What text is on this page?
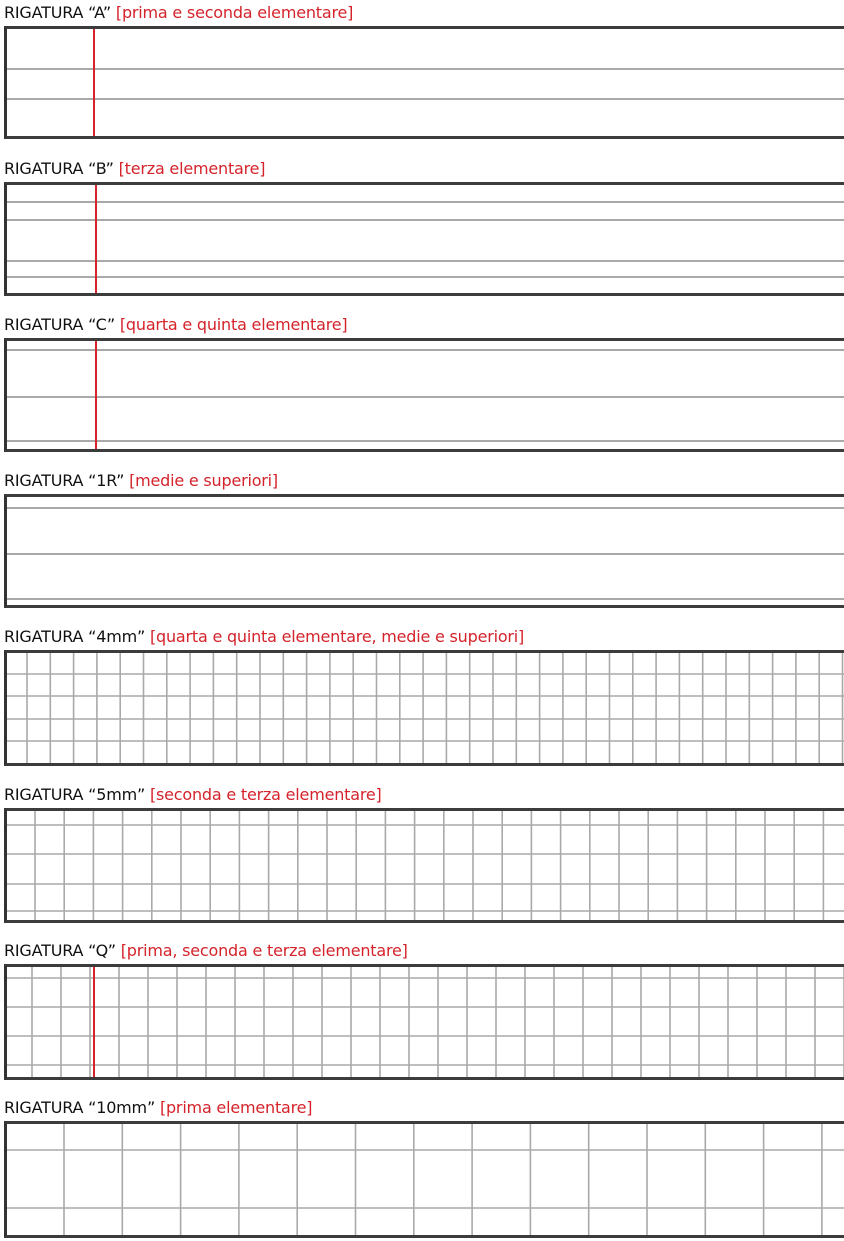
RIGATURA “A” [prima e seconda elementare]
RIGATURA “B” [terza elementare]
RIGATURA “C” [quarta e quinta elementare]
RIGATURA “1R” [medie e superiori]
RIGATURA “4mm” [quarta e quinta elementare, medie e superiori]
RIGATURA “5mm” [seconda e terza elementare]
RIGATURA “Q” [prima, seconda e terza elementare]
RIGATURA “10mm” [prima elementare]
